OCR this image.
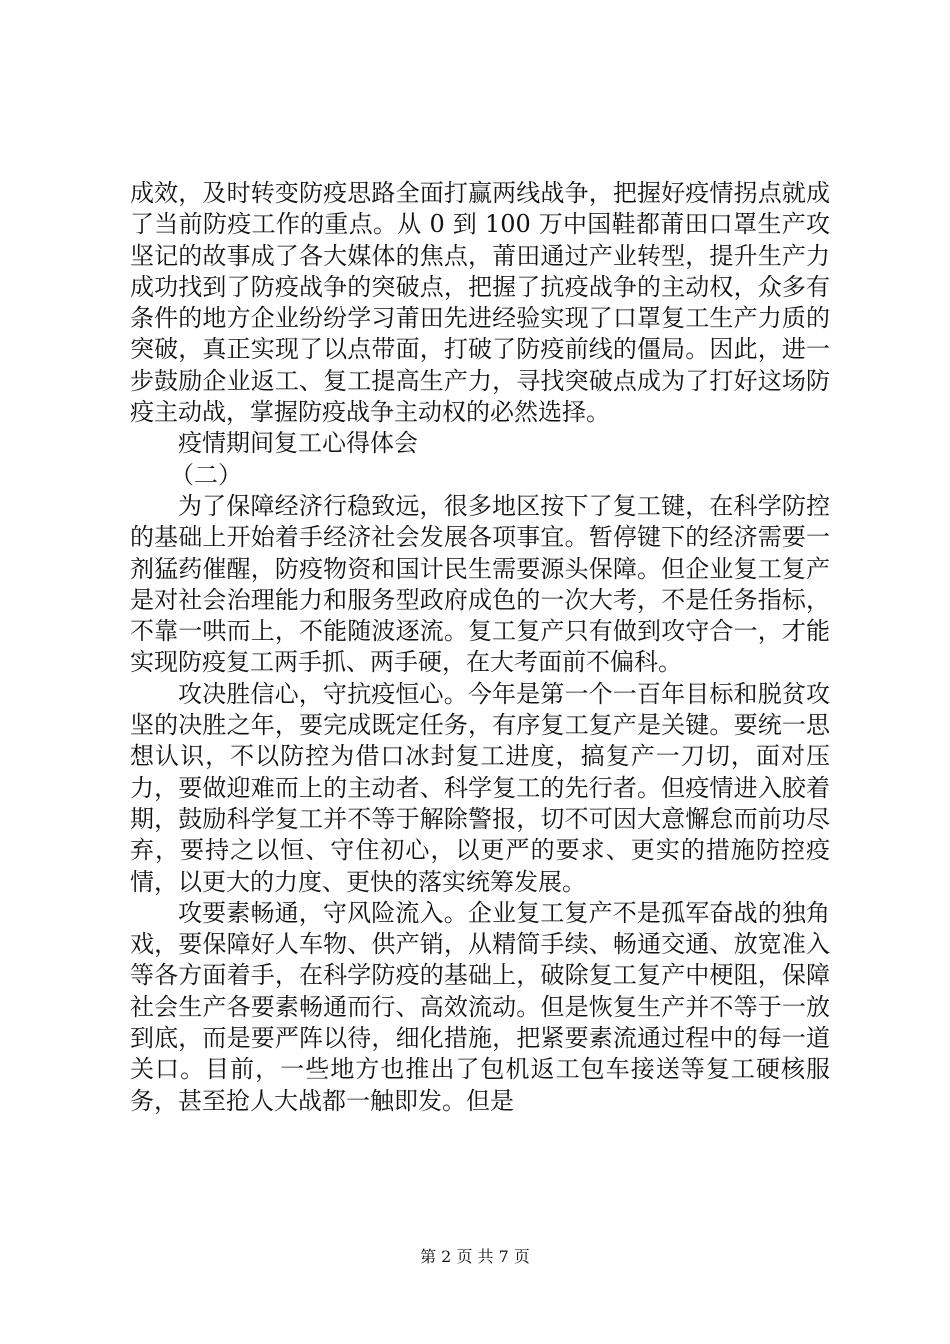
成效，及时转变防疫思路全面打赢两线战争，把握好疫情拐点就成了当前防疫工作的重点。从 0 到 100 万中国鞋都莆田口罩生产攻坚记的故事成了各大媒体的焦点，莆田通过产业转型，提升生产力成功找到了防疫战争的突破点，把握了抗疫战争的主动权，众多有条件的地方企业纷纷学习莆田先进经验实现了口罩复工生产力质的突破，真正实现了以点带面，打破了防疫前线的僵局。因此，进一步鼓励企业返工、复工提高生产力，寻找突破点成为了打好这场防疫主动战，掌握防疫战争主动权的必然选择。

疫情期间复工心得体会

（二）

为了保障经济行稳致远，很多地区按下了复工键，在科学防控的基础上开始着手经济社会发展各项事宜。暂停键下的经济需要一剂猛药催醒，防疫物资和国计民生需要源头保障。但企业复工复产是对社会治理能力和服务型政府成色的一次大考，不是任务指标，不靠一哄而上，不能随波逐流。复工复产只有做到攻守合一，才能实现防疫复工两手抓、两手硬，在大考面前不偏科。

攻决胜信心，守抗疫恒心。今年是第一个一百年目标和脱贫攻坚的决胜之年，要完成既定任务，有序复工复产是关键。要统一思想认识，不以防控为借口冰封复工进度，搞复产一刀切，面对压力，要做迎难而上的主动者、科学复工的先行者。但疫情进入胶着期，鼓励科学复工并不等于解除警报，切不可因大意懈怠而前功尽弃，要持之以恒、守住初心，以更严的要求、更实的措施防控疫情，以更大的力度、更快的落实统筹发展。

攻要素畅通，守风险流入。企业复工复产不是孤军奋战的独角戏，要保障好人车物、供产销，从精简手续、畅通交通、放宽准入等各方面着手，在科学防疫的基础上，破除复工复产中梗阻，保障社会生产各要素畅通而行、高效流动。但是恢复生产并不等于一放到底，而是要严阵以待，细化措施，把紧要素流通过程中的每一道关口。目前，一些地方也推出了包机返工包车接送等复工硬核服务，甚至抢人大战都一触即发。但是

第 2 页 共 7 页
